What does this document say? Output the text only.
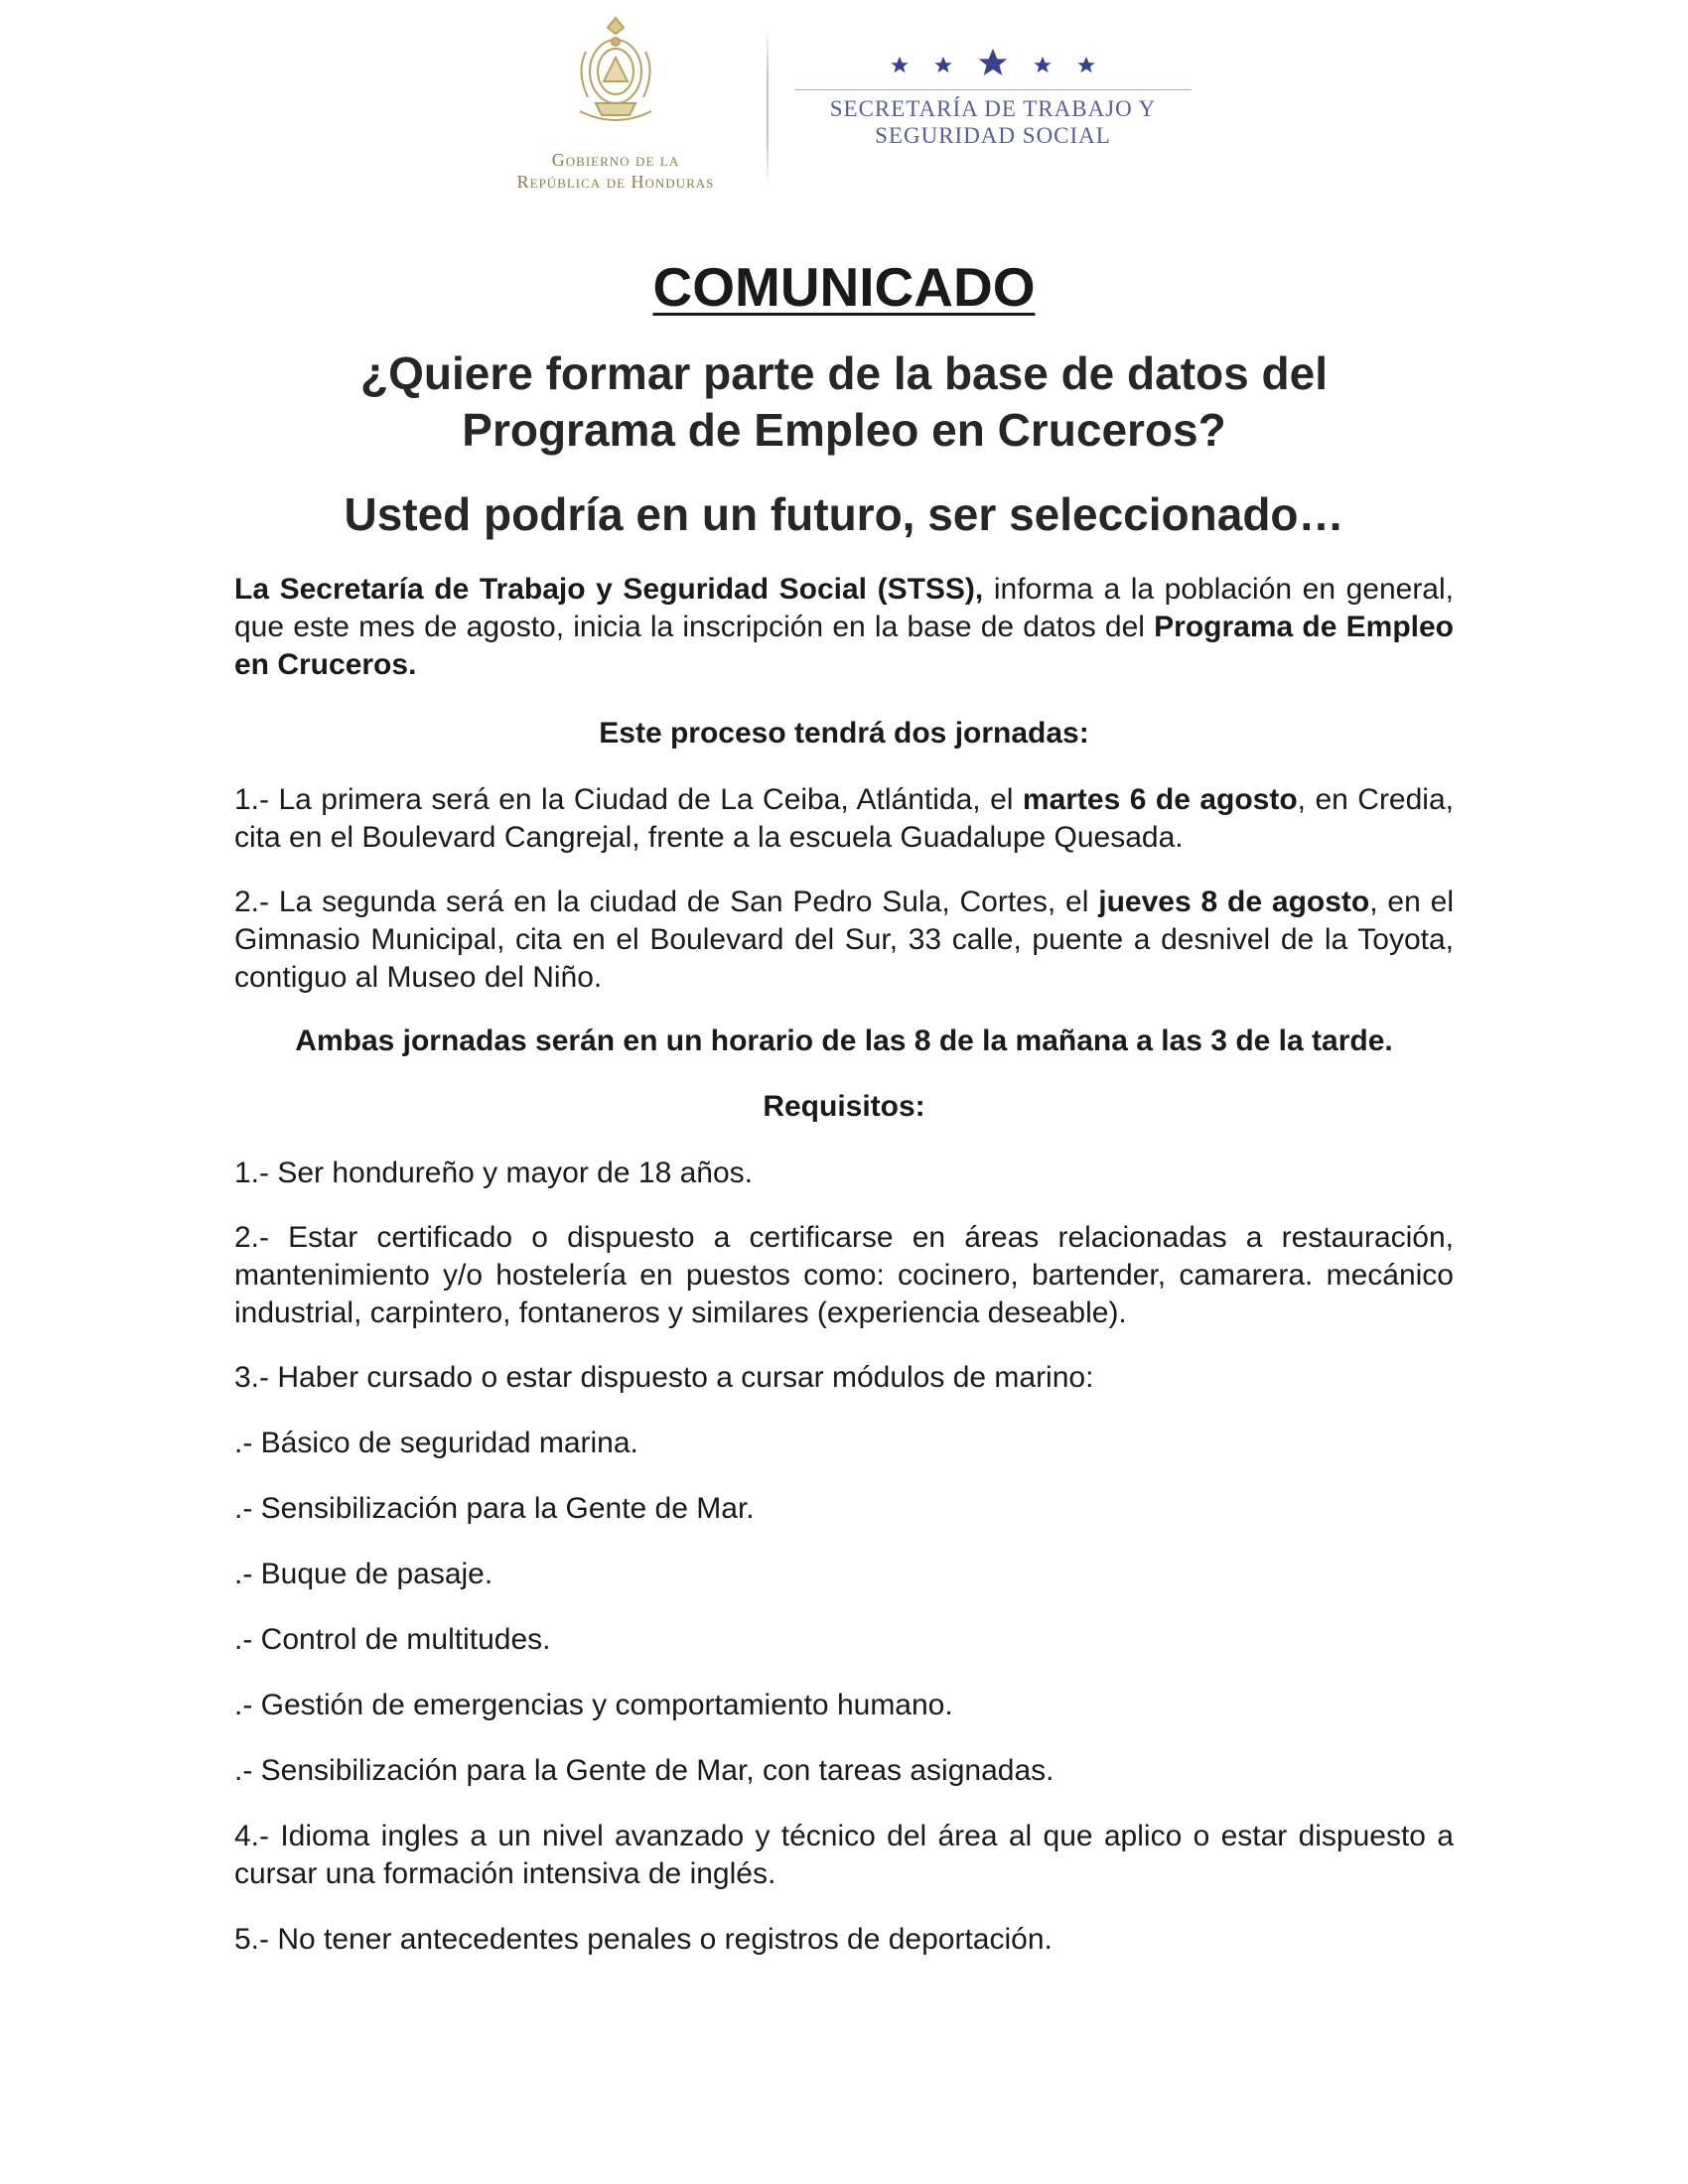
Gobierno de la
República de Honduras
SECRETARÍA DE TRABAJO Y
SEGURIDAD SOCIAL
COMUNICADO
¿Quiere formar parte de la base de datos del
Programa de Empleo en Cruceros?
Usted podría en un futuro, ser seleccionado…
La Secretaría de Trabajo y Seguridad Social (STSS), informa a la población en general, que este mes de agosto, inicia la inscripción en la base de datos del Programa de Empleo en Cruceros.
Este proceso tendrá dos jornadas:
1.- La primera será en la Ciudad de La Ceiba, Atlántida, el martes 6 de agosto, en Credia, cita en el Boulevard Cangrejal, frente a la escuela Guadalupe Quesada.
2.- La segunda será en la ciudad de San Pedro Sula, Cortes, el jueves 8 de agosto, en el Gimnasio Municipal, cita en el Boulevard del Sur, 33 calle, puente a desnivel de la Toyota, contiguo al Museo del Niño.
Ambas jornadas serán en un horario de las 8 de la mañana a las 3 de la tarde.
Requisitos:
1.- Ser hondureño y mayor de 18 años.
2.- Estar certificado o dispuesto a certificarse en áreas relacionadas a restauración, mantenimiento y/o hostelería en puestos como: cocinero, bartender, camarera. mecánico industrial, carpintero, fontaneros y similares (experiencia deseable).
3.- Haber cursado o estar dispuesto a cursar módulos de marino:
.- Básico de seguridad marina.
.- Sensibilización para la Gente de Mar.
.- Buque de pasaje.
.- Control de multitudes.
.- Gestión de emergencias y comportamiento humano.
.- Sensibilización para la Gente de Mar, con tareas asignadas.
4.- Idioma ingles a un nivel avanzado y técnico del área al que aplico o estar dispuesto a cursar una formación intensiva de inglés.
5.- No tener antecedentes penales o registros de deportación.
